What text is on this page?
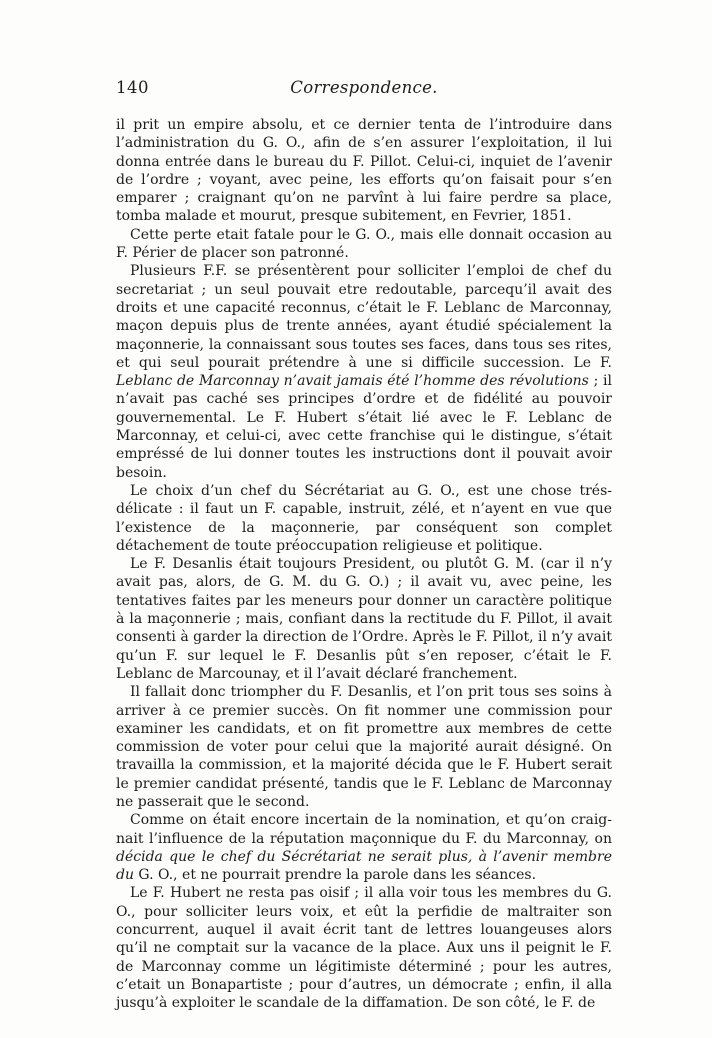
140	Correspondence.

il prit un empire absolu, et ce dernier tenta de l’introduire dans l’administration du G. O., afin de s’en assurer l’exploitation, il lui donna entrée dans le bureau du F. Pillot. Celui-ci, inquiet de l’avenir de l’ordre ; voyant, avec peine, les efforts qu’on faisait pour s’en emparer ; craignant qu’on ne parvînt à lui faire perdre sa place, tomba malade et mourut, presque subitement, en Fevrier, 1851.

Cette perte etait fatale pour le G. O., mais elle donnait occasion au F. Périer de placer son patronné.

Plusieurs F.F. se présentèrent pour solliciter l’emploi de chef du secretariat ; un seul pouvait etre redoutable, parcequ’il avait des droits et une capacité reconnus, c’était le F. Leblanc de Marconnay, maçon depuis plus de trente années, ayant étudié spécialement la maçonnerie, la connaissant sous toutes ses faces, dans tous ses rites, et qui seul pourait prétendre à une si difficile succession. Le F. Leblanc de Marconnay n’avait jamais été l’homme des révolutions ; il n’avait pas caché ses principes d’ordre et de fidélité au pouvoir gouvernemental. Le F. Hubert s’était lié avec le F. Leblanc de Marconnay, et celui-ci, avec cette franchise qui le distingue, s’était empréssé de lui donner toutes les instructions dont il pouvait avoir besoin.

Le choix d’un chef du Sécrétariat au G. O., est une chose trés-délicate : il faut un F. capable, instruit, zélé, et n’ayent en vue que l’existence de la maçonnerie, par conséquent son complet détachement de toute préoccupation religieuse et politique.

Le F. Desanlis était toujours President, ou plutôt G. M. (car il n’y avait pas, alors, de G. M. du G. O.) ; il avait vu, avec peine, les tentatives faites par les meneurs pour donner un caractère politique à la maçonnerie ; mais, confiant dans la rectitude du F. Pillot, il avait consenti à garder la direction de l’Ordre. Après le F. Pillot, il n’y avait qu’un F. sur lequel le F. Desanlis pût s’en reposer, c’était le F. Leblanc de Marcounay, et il l’avait déclaré franchement.

Il fallait donc triompher du F. Desanlis, et l’on prit tous ses soins à arriver à ce premier succès. On fit nommer une commission pour examiner les candidats, et on fit promettre aux membres de cette commission de voter pour celui que la majorité aurait désigné. On travailla la commission, et la majorité décida que le F. Hubert serait le premier candidat présenté, tandis que le F. Leblanc de Marconnay ne passerait que le second.

Comme on était encore incertain de la nomination, et qu’on craig-nait l’influence de la réputation maçonnique du F. du Marconnay, on décida que le chef du Sécrétariat ne serait plus, à l’avenir membre du G. O., et ne pourrait prendre la parole dans les séances.

Le F. Hubert ne resta pas oisif ; il alla voir tous les membres du G. O., pour solliciter leurs voix, et eût la perfidie de maltraiter son concurrent, auquel il avait écrit tant de lettres louangeuses alors qu’il ne comptait sur la vacance de la place. Aux uns il peignit le F. de Marconnay comme un légitimiste déterminé ; pour les autres, c’etait un Bonapartiste ; pour d’autres, un démocrate ; enfin, il alla jusqu’à exploiter le scandale de la diffamation. De son côté, le F. de
